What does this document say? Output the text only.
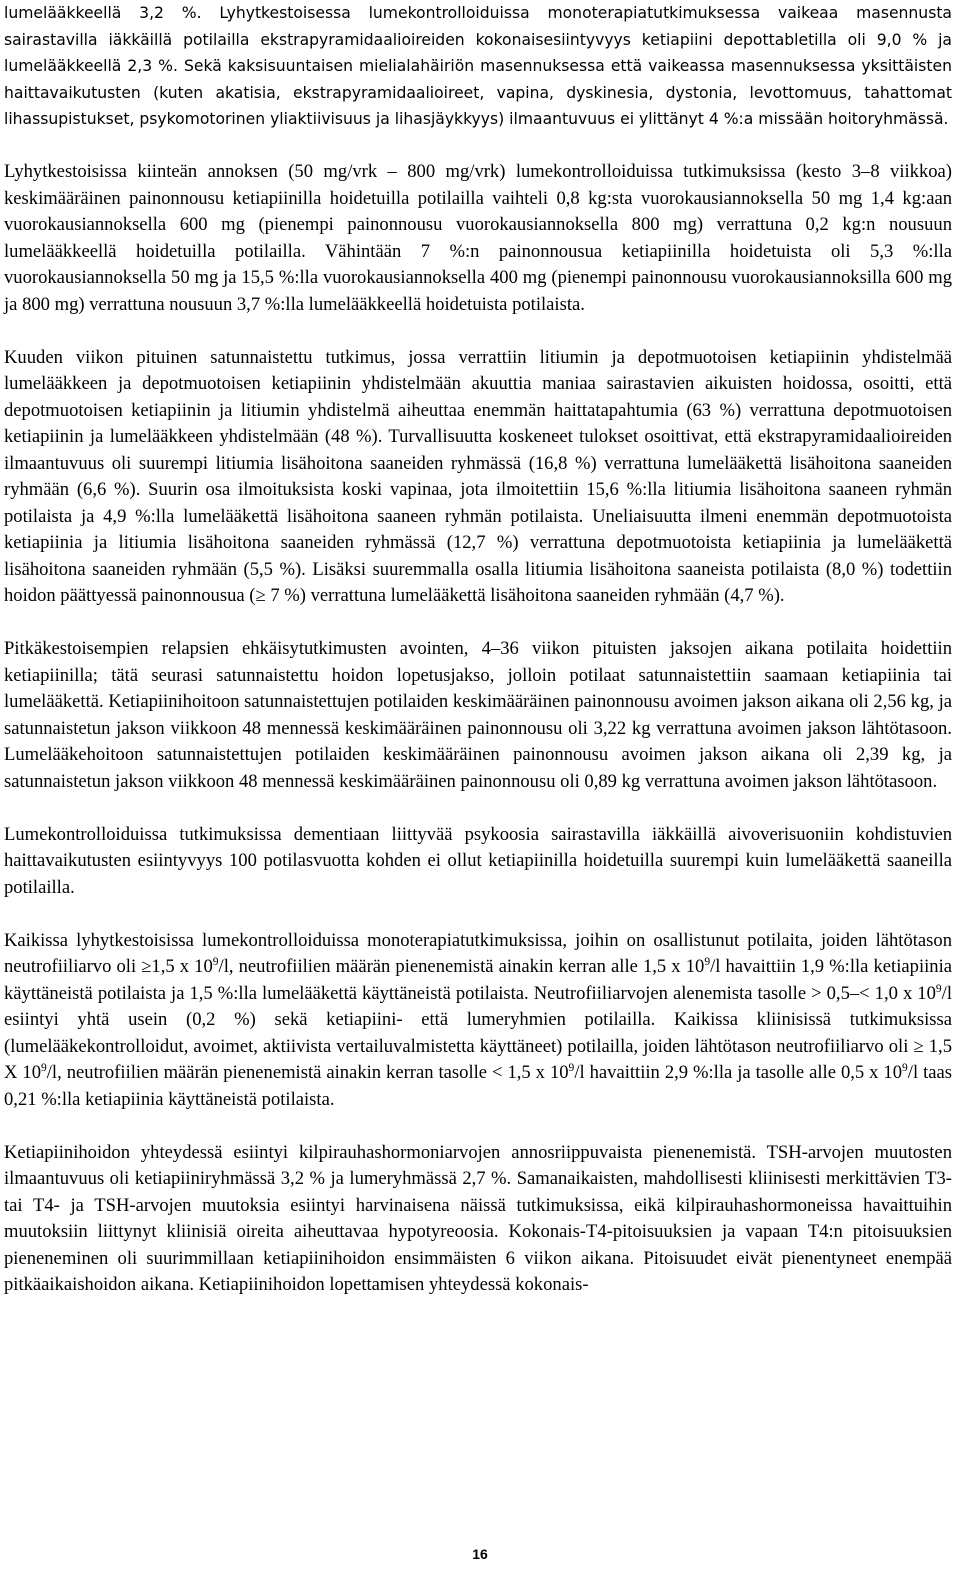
lumelääkkeellä 3,2 %. Lyhytkestoisessa lumekontrolloiduissa monoterapiatutkimuksessa vaikeaa masennusta sairastavilla iäkkäillä potilailla ekstrapyramidaalioireiden kokonaisesiintyvyys ketiapiini depottabletilla oli 9,0 % ja lumelääkkeellä 2,3 %. Sekä kaksisuuntaisen mielialahäiriön masennuksessa että vaikeassa masennuksessa yksittäisten haittavaikutusten (kuten akatisia, ekstrapyramidaalioireet, vapina, dyskinesia, dystonia, levottomuus, tahattomat lihassupistukset, psykomotorinen yliaktiivisuus ja lihasjäykkyys) ilmaantuvuus ei ylittänyt 4 %:a missään hoitoryhmässä.

Lyhytkestoisissa kiinteän annoksen (50 mg/vrk – 800 mg/vrk) lumekontrolloiduissa tutkimuksissa (kesto 3–8 viikkoa) keskimääräinen painonnousu ketiapiinilla hoidetuilla potilailla vaihteli 0,8 kg:sta vuorokausiannoksella 50 mg 1,4 kg:aan vuorokausiannoksella 600 mg (pienempi painonnousu vuorokausiannoksella 800 mg) verrattuna 0,2 kg:n nousuun lumelääkkeellä hoidetuilla potilailla. Vähintään 7 %:n painonnousua ketiapiinilla hoidetuista oli 5,3 %:lla vuorokausiannoksella 50 mg ja 15,5 %:lla vuorokausiannoksella 400 mg (pienempi painonnousu vuorokausiannoksilla 600 mg ja 800 mg) verrattuna nousuun 3,7 %:lla lumelääkkeellä hoidetuista potilaista.

Kuuden viikon pituinen satunnaistettu tutkimus, jossa verrattiin litiumin ja depotmuotoisen ketiapiinin yhdistelmää lumelääkkeen ja depotmuotoisen ketiapiinin yhdistelmään akuuttia maniaa sairastavien aikuisten hoidossa, osoitti, että depotmuotoisen ketiapiinin ja litiumin yhdistelmä aiheuttaa enemmän haittatapahtumia (63 %) verrattuna depotmuotoisen ketiapiinin ja lumelääkkeen yhdistelmään (48 %). Turvallisuutta koskeneet tulokset osoittivat, että ekstrapyramidaalioireiden ilmaantuvuus oli suurempi litiumia lisähoitona saaneiden ryhmässä (16,8 %) verrattuna lumelääkettä lisähoitona saaneiden ryhmään (6,6 %). Suurin osa ilmoituksista koski vapinaa, jota ilmoitettiin 15,6 %:lla litiumia lisähoitona saaneen ryhmän potilaista ja 4,9 %:lla lumelääkettä lisähoitona saaneen ryhmän potilaista. Uneliaisuutta ilmeni enemmän depotmuotoista ketiapiinia ja litiumia lisähoitona saaneiden ryhmässä (12,7 %) verrattuna depotmuotoista ketiapiinia ja lumelääkettä lisähoitona saaneiden ryhmään (5,5 %). Lisäksi suuremmalla osalla litiumia lisähoitona saaneista potilaista (8,0 %) todettiin hoidon päättyessä painonnousua (≥ 7 %) verrattuna lumelääkettä lisähoitona saaneiden ryhmään (4,7 %).

Pitkäkestoisempien relapsien ehkäisytutkimusten avointen, 4–36 viikon pituisten jaksojen aikana potilaita hoidettiin ketiapiinilla; tätä seurasi satunnaistettu hoidon lopetusjakso, jolloin potilaat satunnaistettiin saamaan ketiapiinia tai lumelääkettä. Ketiapiinihoitoon satunnaistettujen potilaiden keskimääräinen painonnousu avoimen jakson aikana oli 2,56 kg, ja satunnaistetun jakson viikkoon 48 mennessä keskimääräinen painonnousu oli 3,22 kg verrattuna avoimen jakson lähtötasoon. Lumelääkehoitoon satunnaistettujen potilaiden keskimääräinen painonnousu avoimen jakson aikana oli 2,39 kg, ja satunnaistetun jakson viikkoon 48 mennessä keskimääräinen painonnousu oli 0,89 kg verrattuna avoimen jakson lähtötasoon.

Lumekontrolloiduissa tutkimuksissa dementiaan liittyvää psykoosia sairastavilla iäkkäillä aivoverisuoniin kohdistuvien haittavaikutusten esiintyvyys 100 potilasvuotta kohden ei ollut ketiapiinilla hoidetuilla suurempi kuin lumelääkettä saaneilla potilailla.

Kaikissa lyhytkestoisissa lumekontrolloiduissa monoterapiatutkimuksissa, joihin on osallistunut potilaita, joiden lähtötason neutrofiiliarvo oli ≥1,5 x $10^9/l$, neutrofiilien määrän pienenemistä ainakin kerran alle 1,5 x $10^9/l$ havaittiin 1,9 %:lla ketiapiinia käyttäneistä potilaista ja 1,5 %:lla lumelääkettä käyttäneistä potilaista. Neutrofiiliarvojen alenemista tasolle > 0,5–< 1,0 x $10^9/l$ esiintyi yhtä usein (0,2 %) sekä ketiapiini- että lumeryhmien potilailla. Kaikissa kliinisissä tutkimuksissa (lumelääkekontrolloidut, avoimet, aktiivista vertailuvalmistetta käyttäneet) potilailla, joiden lähtötason neutrofiiliarvo oli ≥ 1,5 X $10^9/l$, neutrofiilien määrän pienenemistä ainakin kerran tasolle < 1,5 x $10^9/l$ havaittiin 2,9 %:lla ja tasolle alle 0,5 x $10^9/l$ taas 0,21 %:lla ketiapiinia käyttäneistä potilaista.

Ketiapiinihoidon yhteydessä esiintyi kilpirauhashormoniarvojen annosriippuvaista pienenemistä. TSH-arvojen muutosten ilmaantuvuus oli ketiapiiniryhmässä 3,2 % ja lumeryhmässä 2,7 %. Samanaikaisten, mahdollisesti kliinisesti merkittävien T3- tai T4- ja TSH-arvojen muutoksia esiintyi harvinaisena näissä tutkimuksissa, eikä kilpirauhashormoneissa havaittuihin muutoksiin liittynyt kliinisiä oireita aiheuttavaa hypotyreoosia. Kokonais-T4-pitoisuuksien ja vapaan T4:n pitoisuuksien pieneneminen oli suurimmillaan ketiapiinihoidon ensimmäisten 6 viikon aikana. Pitoisuudet eivät pienentyneet enempää pitkäaikaishoidon aikana. Ketiapiinihoidon lopettamisen yhteydessä kokonais-

16
